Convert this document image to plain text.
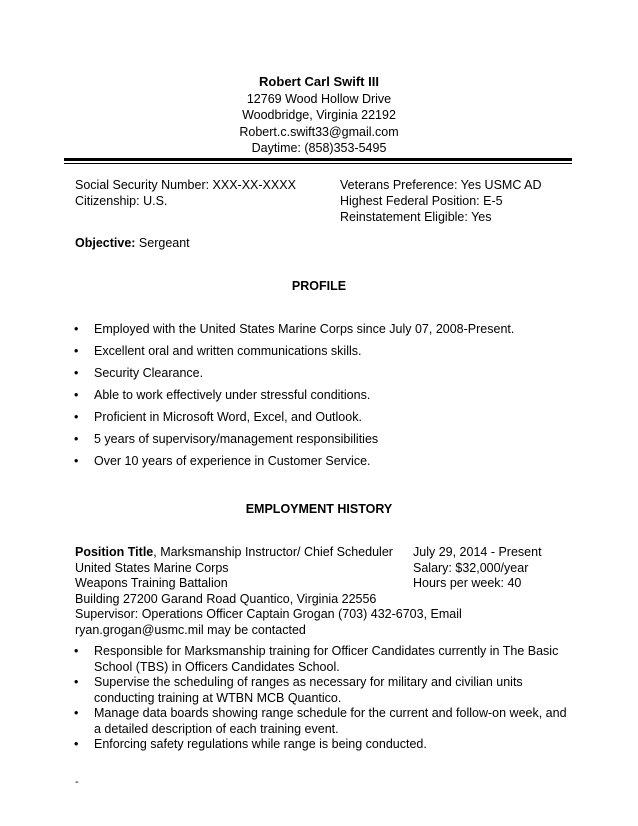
Robert Carl Swift III
12769 Wood Hollow Drive
Woodbridge, Virginia 22192
Robert.c.swift33@gmail.com
Daytime: (858)353-5495
Social Security Number: XXX-XX-XXXX
Citizenship: U.S.
Veterans Preference: Yes USMC AD
Highest Federal Position: E-5
Reinstatement Eligible: Yes
Objective: Sergeant
PROFILE
• Employed with the United States Marine Corps since July 07, 2008-Present.
• Excellent oral and written communications skills.
• Security Clearance.
• Able to work effectively under stressful conditions.
• Proficient in Microsoft Word, Excel, and Outlook.
• 5 years of supervisory/management responsibilities
• Over 10 years of experience in Customer Service.
EMPLOYMENT HISTORY
Position Title, Marksmanship Instructor/ Chief Scheduler
United States Marine Corps
Weapons Training Battalion
Building 27200 Garand Road Quantico, Virginia 22556
Supervisor: Operations Officer Captain Grogan (703) 432-6703, Email
ryan.grogan@usmc.mil may be contacted
July 29, 2014 - Present
Salary: $32,000/year
Hours per week: 40
• Responsible for Marksmanship training for Officer Candidates currently in The Basic School (TBS) in Officers Candidates School.
• Supervise the scheduling of ranges as necessary for military and civilian units conducting training at WTBN MCB Quantico.
• Manage data boards showing range schedule for the current and follow-on week, and a detailed description of each training event.
• Enforcing safety regulations while range is being conducted.
-
